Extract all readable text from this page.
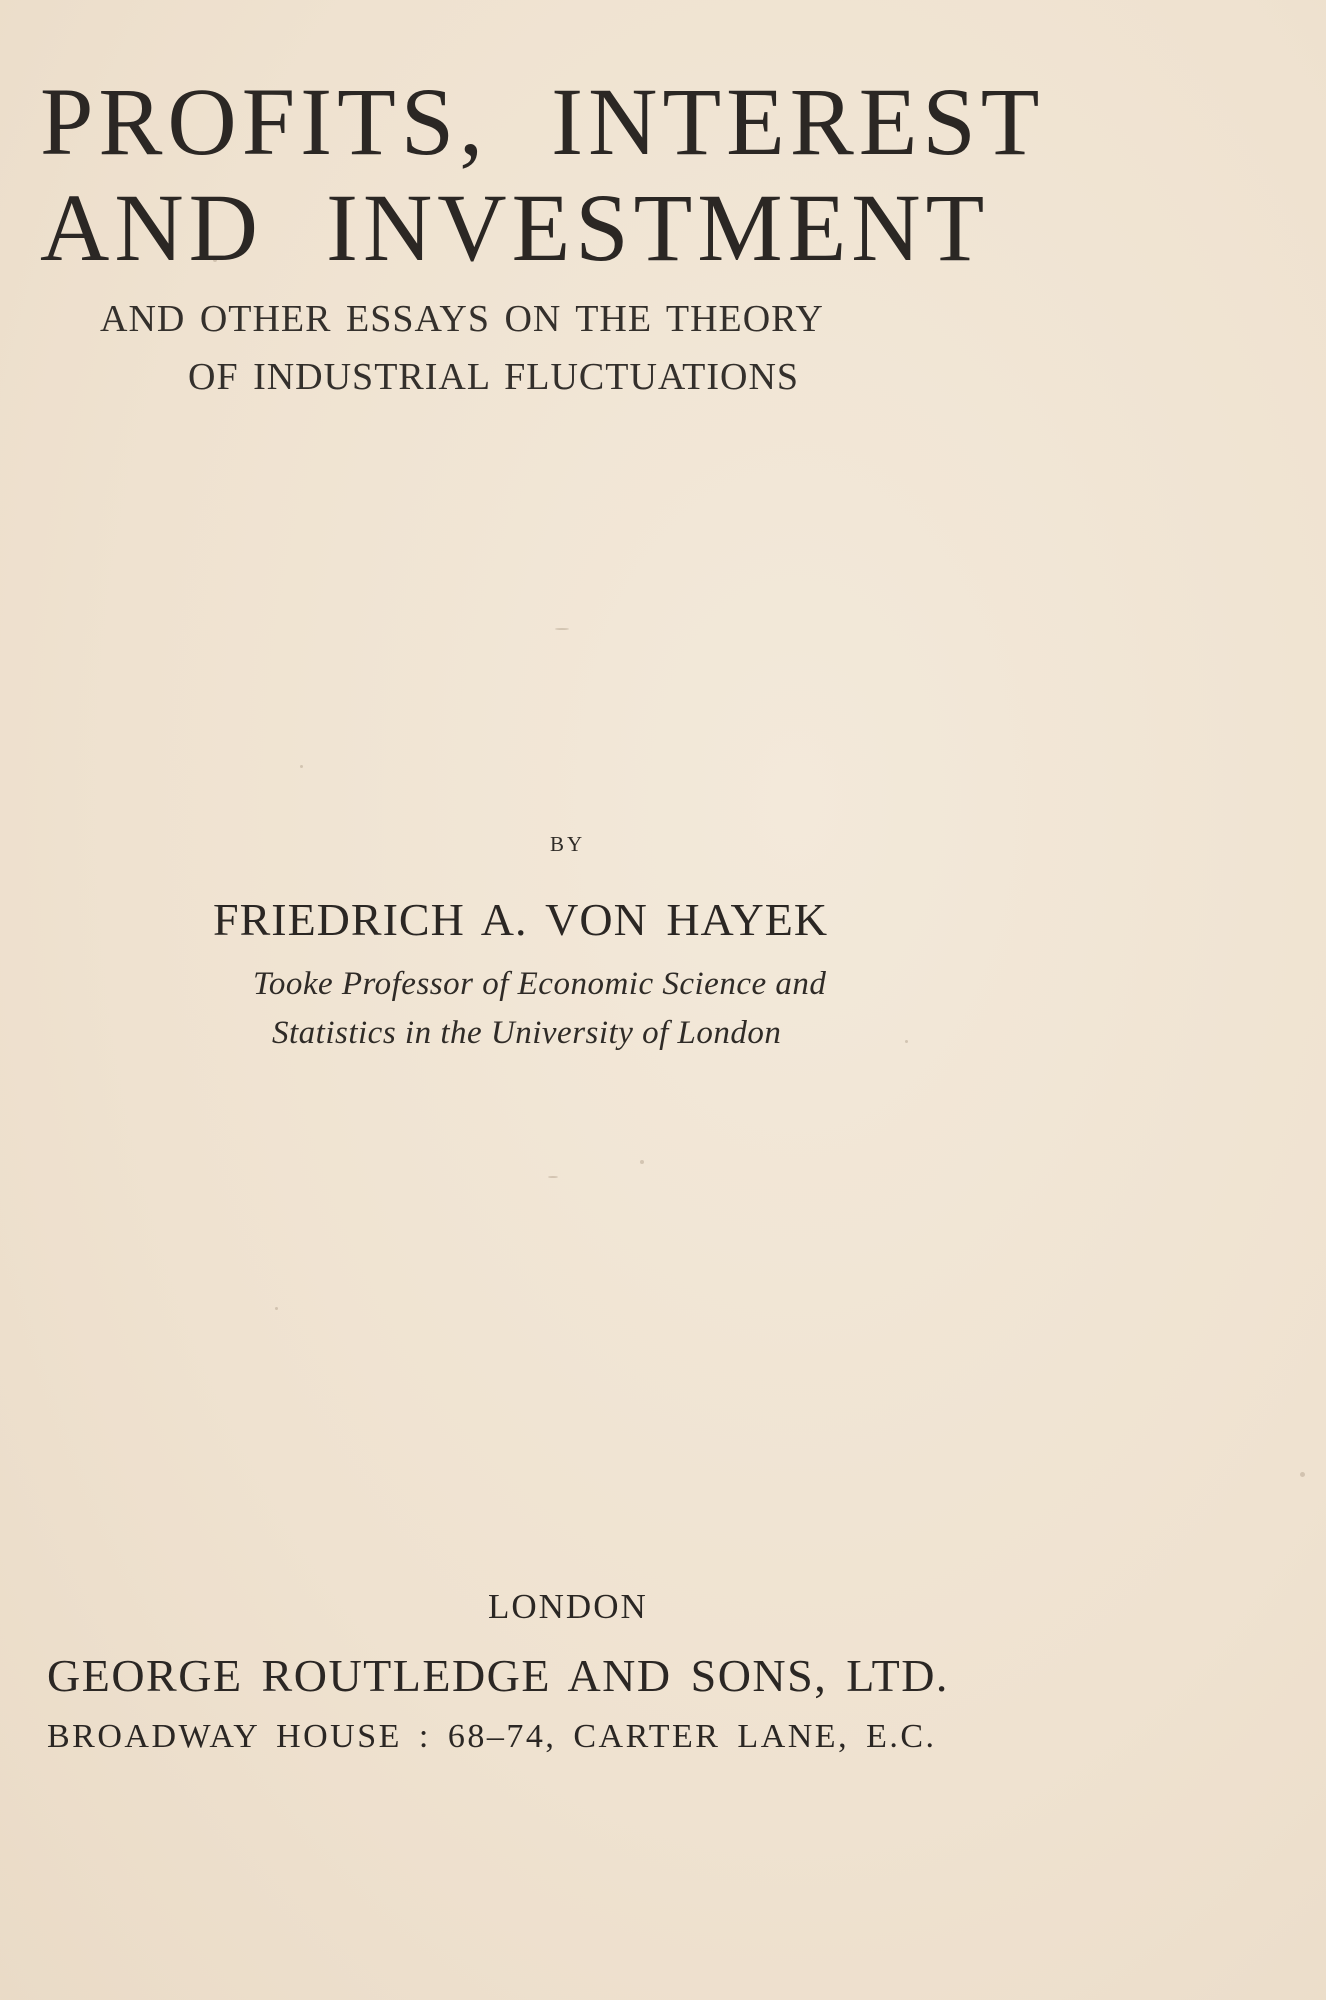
PROFITS, INTEREST
AND INVESTMENT
AND OTHER ESSAYS ON THE THEORY
OF INDUSTRIAL FLUCTUATIONS
BY
FRIEDRICH A. VON HAYEK
Tooke Professor of Economic Science and
Statistics in the University of London
LONDON
GEORGE ROUTLEDGE AND SONS, LTD.
BROADWAY HOUSE : 68–74, CARTER LANE, E.C.
